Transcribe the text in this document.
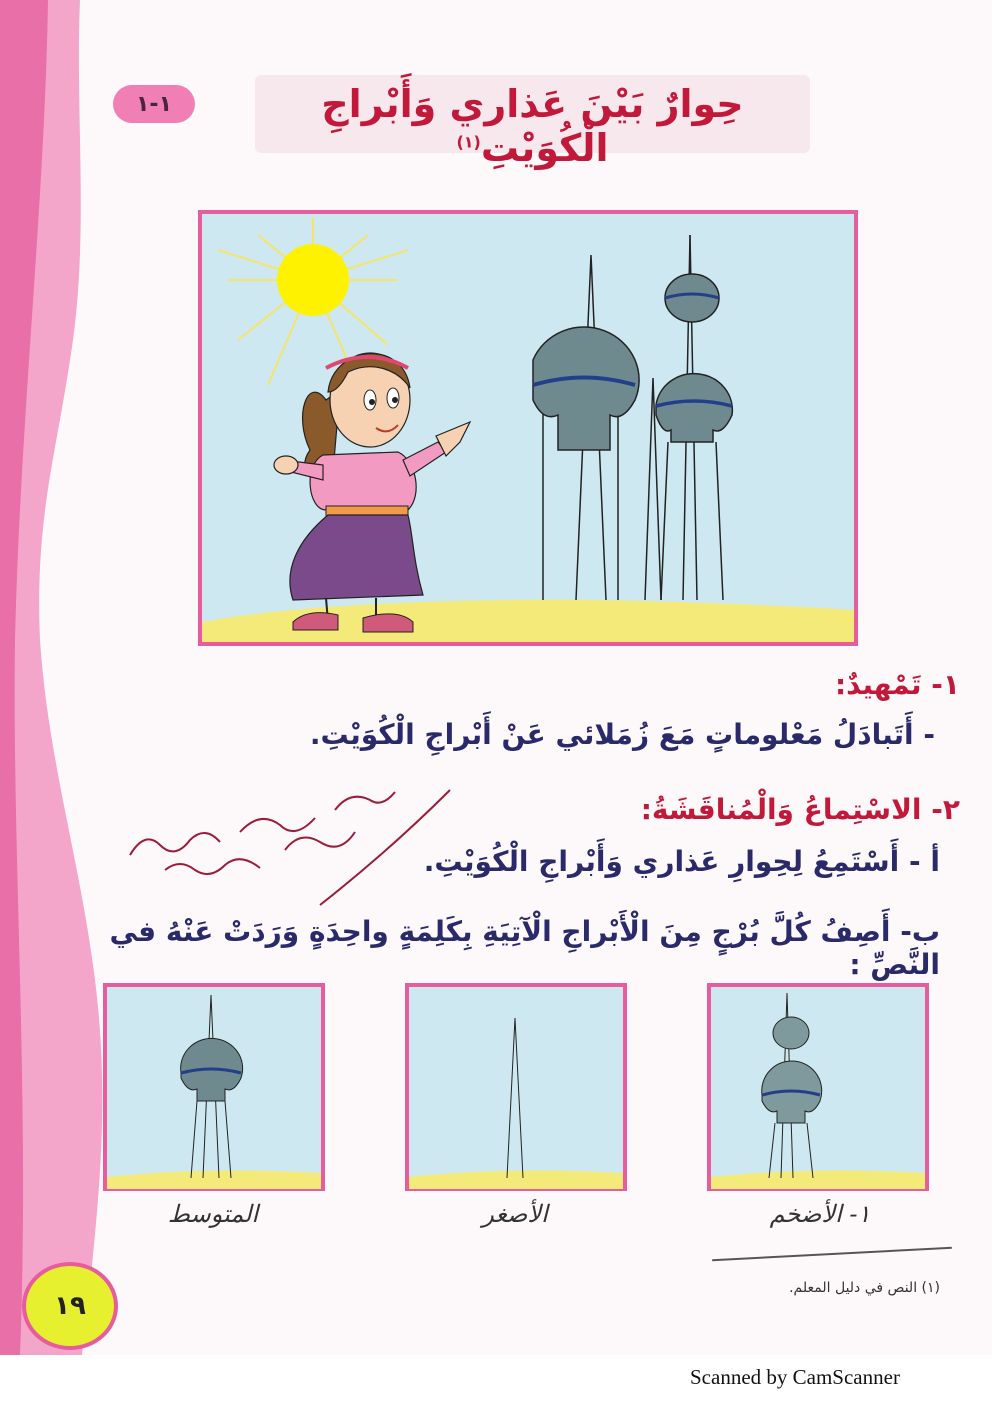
١-١	حِوارٌ بَيْنَ عَذاري وَأَبْراجِ الْكُوَيْتِ$^{(١)}$
١- تَمْهيدٌ:
- أَتَبادَلُ مَعْلوماتٍ مَعَ زُمَلائي عَنْ أَبْراجِ الْكُوَيْتِ.
٢- الاسْتِماعُ وَالْمُناقَشَةُ:
أ - أَسْتَمِعُ لِحِوارِ عَذاري وَأَبْراجِ الْكُوَيْتِ.
ب- أَصِفُ كُلَّ بُرْجٍ مِنَ الْأَبْراجِ الْآتِيَةِ بِكَلِمَةٍ واحِدَةٍ وَرَدَتْ عَنْهُ في النَّصِّ :
١- الأضخم
الأصغر
المتوسط
(١) النص في دليل المعلم.
١٩
Scanned by CamScanner
